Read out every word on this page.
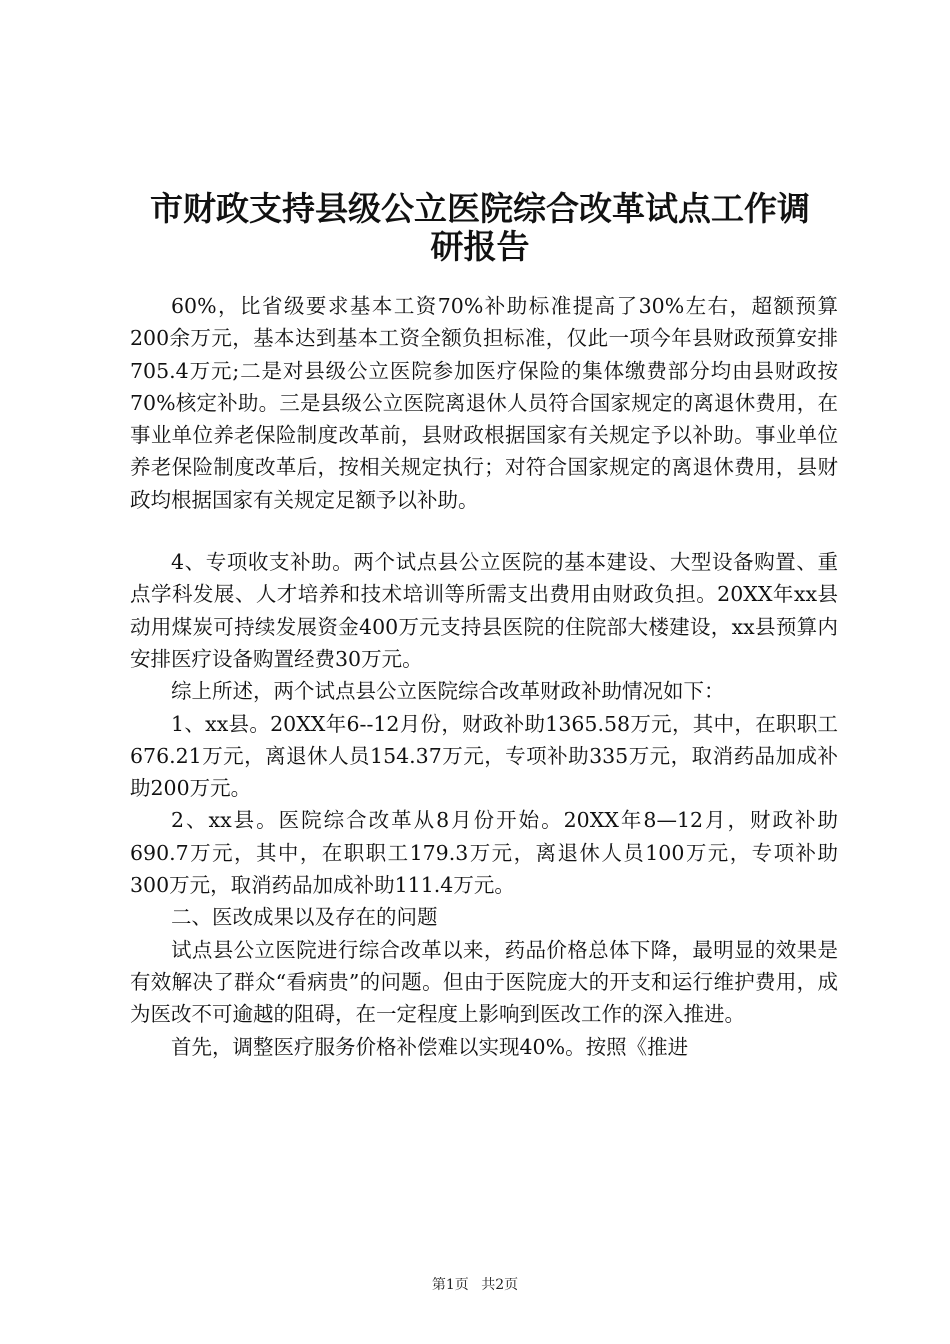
市财政支持县级公立医院综合改革试点工作调
研报告

60%，比省级要求基本工资70%补助标准提高了30%左右，超额预算200余万元，基本达到基本工资全额负担标准，仅此一项今年县财政预算安排705.4万元;二是对县级公立医院参加医疗保险的集体缴费部分均由县财政按70%核定补助。三是县级公立医院离退休人员符合国家规定的离退休费用，在事业单位养老保险制度改革前，县财政根据国家有关规定予以补助。事业单位养老保险制度改革后，按相关规定执行；对符合国家规定的离退休费用，县财政均根据国家有关规定足额予以补助。

4、专项收支补助。两个试点县公立医院的基本建设、大型设备购置、重点学科发展、人才培养和技术培训等所需支出费用由财政负担。20XX年xx县动用煤炭可持续发展资金400万元支持县医院的住院部大楼建设，xx县预算内安排医疗设备购置经费30万元。

综上所述，两个试点县公立医院综合改革财政补助情况如下：

1、xx县。20XX年6--12月份，财政补助1365.58万元，其中，在职职工676.21万元，离退休人员154.37万元，专项补助335万元，取消药品加成补助200万元。

2、xx县。医院综合改革从8月份开始。20XX年8—12月，财政补助690.7万元，其中，在职职工179.3万元，离退休人员100万元，专项补助300万元，取消药品加成补助111.4万元。

二、医改成果以及存在的问题

试点县公立医院进行综合改革以来，药品价格总体下降，最明显的效果是有效解决了群众“看病贵”的问题。但由于医院庞大的开支和运行维护费用，成为医改不可逾越的阻碍，在一定程度上影响到医改工作的深入推进。

首先，调整医疗服务价格补偿难以实现40%。按照《推进

第1页 共2页
